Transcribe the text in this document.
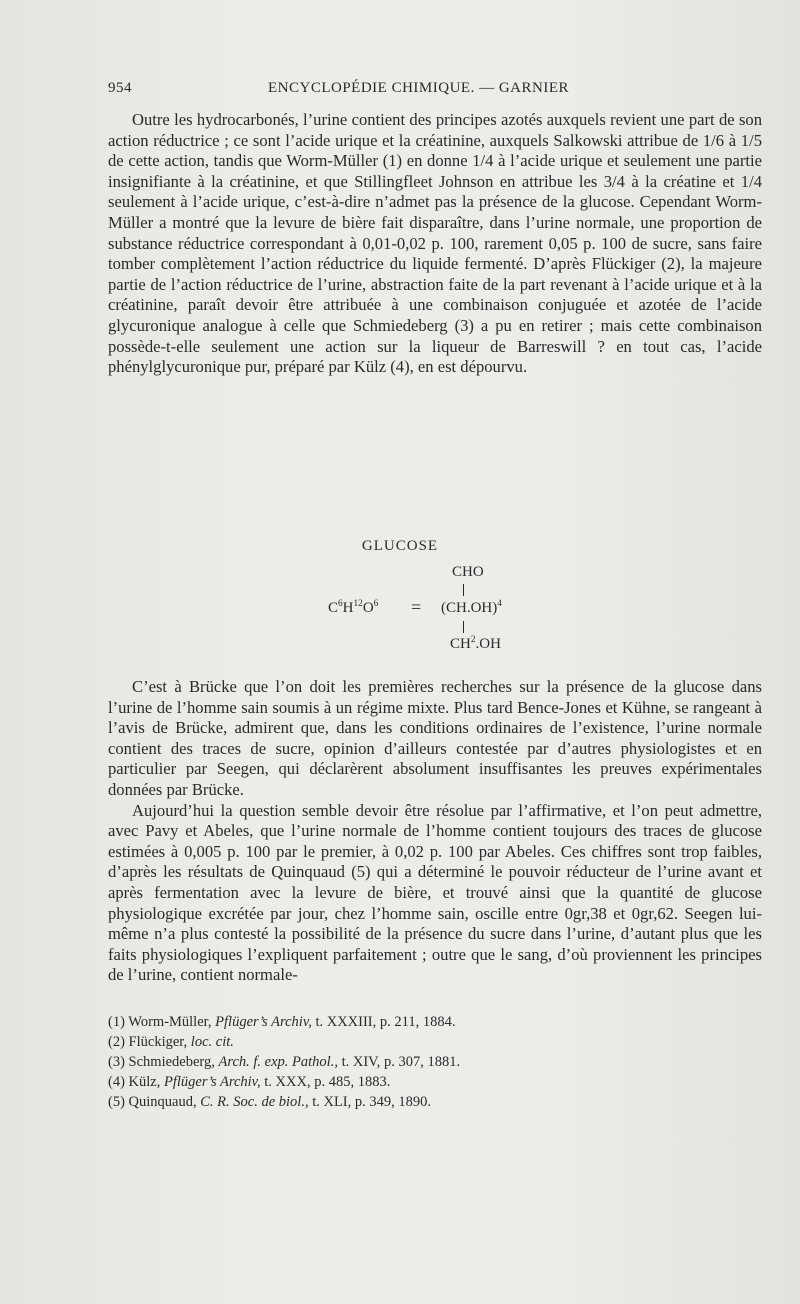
954	ENCYCLOPÉDIE CHIMIQUE. — GARNIER

Outre les hydrocarbonés, l’urine contient des principes azotés auxquels revient une part de son action réductrice ; ce sont l’acide urique et la créatinine, auxquels Salkowski attribue de 1/6 à 1/5 de cette action, tandis que Worm-Müller (1) en donne 1/4 à l’acide urique et seulement une partie insignifiante à la créatinine, et que Stillingfleet Johnson en attribue les 3/4 à la créatine et 1/4 seulement à l’acide urique, c’est-à-dire n’admet pas la présence de la glucose. Cependant Worm-Müller a montré que la levure de bière fait disparaître, dans l’urine normale, une proportion de substance réductrice correspondant à 0,01-0,02 p. 100, rarement 0,05 p. 100 de sucre, sans faire tomber complètement l’action réductrice du liquide fermenté. D’après Flückiger (2), la majeure partie de l’action réductrice de l’urine, abstraction faite de la part revenant à l’acide urique et à la créatinine, paraît devoir être attribuée à une combinaison conjuguée et azotée de l’acide glycuronique analogue à celle que Schmiedeberg (3) a pu en retirer ; mais cette combinaison possède-t-elle seulement une action sur la liqueur de Barreswill ? en tout cas, l’acide phénylglycuronique pur, préparé par Külz (4), en est dépourvu.

GLUCOSE
CHO
$C^6H^{12}O^6 = (CH.OH)^4$
$CH^2.OH$

C’est à Brücke que l’on doit les premières recherches sur la présence de la glucose dans l’urine de l’homme sain soumis à un régime mixte. Plus tard Bence-Jones et Kühne, se rangeant à l’avis de Brücke, admirent que, dans les conditions ordinaires de l’existence, l’urine normale contient des traces de sucre, opinion d’ailleurs contestée par d’autres physiologistes et en particulier par Seegen, qui déclarèrent absolument insuffisantes les preuves expérimentales données par Brücke.

Aujourd’hui la question semble devoir être résolue par l’affirmative, et l’on peut admettre, avec Pavy et Abeles, que l’urine normale de l’homme contient toujours des traces de glucose estimées à 0,005 p. 100 par le premier, à 0,02 p. 100 par Abeles. Ces chiffres sont trop faibles, d’après les résultats de Quinquaud (5) qui a déterminé le pouvoir réducteur de l’urine avant et après fermentation avec la levure de bière, et trouvé ainsi que la quantité de glucose physiologique excrétée par jour, chez l’homme sain, oscille entre 0gr,38 et 0gr,62. Seegen lui-même n’a plus contesté la possibilité de la présence du sucre dans l’urine, d’autant plus que les faits physiologiques l’expliquent parfaitement ; outre que le sang, d’où proviennent les principes de l’urine, contient normale-

(1) Worm-Müller, Pflüger’s Archiv, t. XXXIII, p. 211, 1884.
(2) Flückiger, loc. cit.
(3) Schmiedeberg, Arch. f. exp. Pathol., t. XIV, p. 307, 1881.
(4) Külz, Pflüger’s Archiv, t. XXX, p. 485, 1883.
(5) Quinquaud, C. R. Soc. de biol., t. XLI, p. 349, 1890.
